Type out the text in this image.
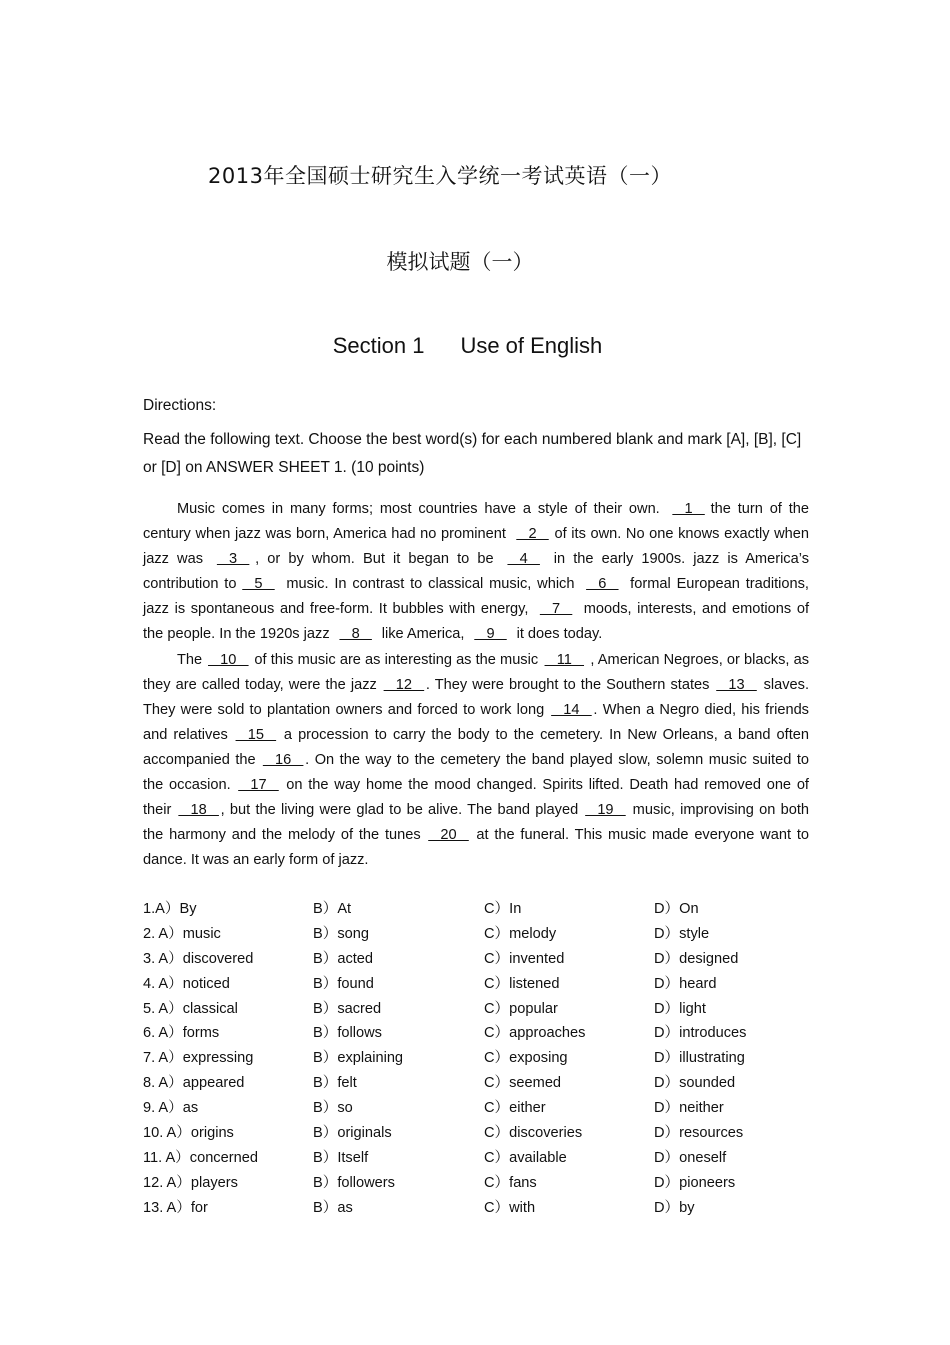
2013年全国硕士研究生入学统一考试英语（一）
模拟试题（一）
Section 1 Use of English
Directions:
Read the following text. Choose the best word(s) for each numbered blank and mark [A], [B], [C] or [D] on ANSWER SHEET 1. (10 points)

Music comes in many forms; most countries have a style of their own.    1   the turn of the century when jazz was born, America had no prominent    2   of its own. No one knows exactly when jazz was    3   , or by whom. But it began to be    4    in the early 1900s. jazz is America’s contribution to   5    music. In contrast to classical music, which    6    formal European traditions, jazz is spontaneous and free-form. It bubbles with energy,    7    moods, interests, and emotions of the people. In the 1920s jazz    8    like America,    9    it does today.

The    10    of this music are as interesting as the music    11    , American Negroes, or blacks, as they are called today, were the jazz    12   . They were brought to the Southern states    13    slaves. They were sold to plantation owners and forced to work long    14   . When a Negro died, his friends and relatives    15    a procession to carry the body to the cemetery. In New Orleans, a band often accompanied the    16   . On the way to the cemetery the band played slow, solemn music suited to the occasion.    17    on the way home the mood changed. Spirits lifted. Death had removed one of their    18   , but the living were glad to be alive. The band played    19    music, improvising on both the harmony and the melody of the tunes    20    at the funeral. This music made everyone want to dance. It was an early form of jazz.

1.A）By	B）At	C）In	D）On
2. A）music	B）song	C）melody	D）style
3. A）discovered	B）acted	C）invented	D）designed
4. A）noticed	B）found	C）listened	D）heard
5. A）classical	B）sacred	C）popular	D）light
6. A）forms	B）follows	C）approaches	D）introduces
7. A）expressing	B）explaining	C）exposing	D）illustrating
8. A）appeared	B）felt	C）seemed	D）sounded
9. A）as	B）so	C）either	D）neither
10. A）origins	B）originals	C）discoveries	D）resources
11. A）concerned	B）Itself	C）available	D）oneself
12. A）players	B）followers	C）fans	D）pioneers
13. A）for	B）as	C）with	D）by
